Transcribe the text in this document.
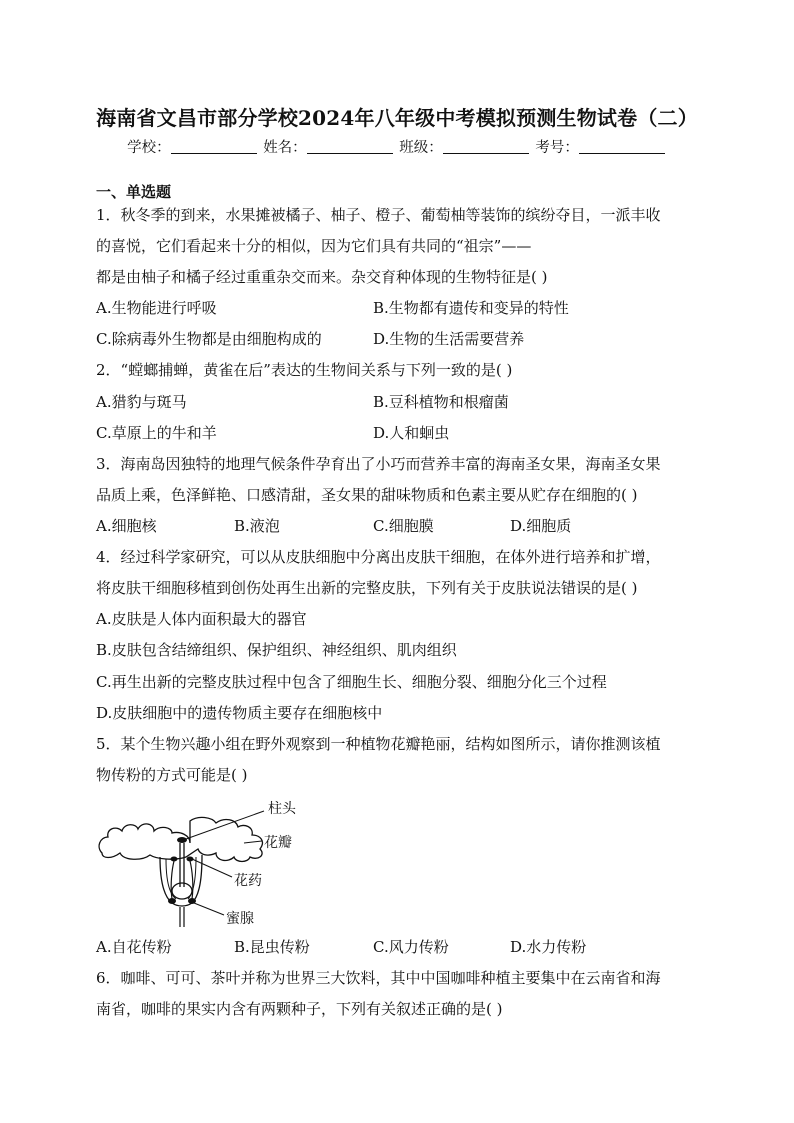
海南省文昌市部分学校2024年八年级中考模拟预测生物试卷（二）
学校：	姓名：	班级：	考号：
一、单选题
1．秋冬季的到来，水果摊被橘子、柚子、橙子、葡萄柚等装饰的缤纷夺目，一派丰收
的喜悦，它们看起来十分的相似，因为它们具有共同的“祖宗”——
都是由柚子和橘子经过重重杂交而来。杂交育种体现的生物特征是( )
A.生物能进行呼吸	B.生物都有遗传和变异的特性
C.除病毒外生物都是由细胞构成的	D.生物的生活需要营养
2．“螳螂捕蝉，黄雀在后”表达的生物间关系与下列一致的是( )
A.猎豹与斑马	B.豆科植物和根瘤菌
C.草原上的牛和羊	D.人和蛔虫
3．海南岛因独特的地理气候条件孕育出了小巧而营养丰富的海南圣女果，海南圣女果
品质上乘，色泽鲜艳、口感清甜，圣女果的甜味物质和色素主要从贮存在细胞的( )
A.细胞核	B.液泡	C.细胞膜	D.细胞质
4．经过科学家研究，可以从皮肤细胞中分离出皮肤干细胞，在体外进行培养和扩增，
将皮肤干细胞移植到创伤处再生出新的完整皮肤，下列有关于皮肤说法错误的是( )
A.皮肤是人体内面积最大的器官
B.皮肤包含结缔组织、保护组织、神经组织、肌肉组织
C.再生出新的完整皮肤过程中包含了细胞生长、细胞分裂、细胞分化三个过程
D.皮肤细胞中的遗传物质主要存在细胞核中
5．某个生物兴趣小组在野外观察到一种植物花瓣艳丽，结构如图所示，请你推测该植
物传粉的方式可能是( )
柱头
花瓣
花药
蜜腺
A.自花传粉	B.昆虫传粉	C.风力传粉	D.水力传粉
6．咖啡、可可、茶叶并称为世界三大饮料，其中中国咖啡种植主要集中在云南省和海
南省，咖啡的果实内含有两颗种子，下列有关叙述正确的是( )
